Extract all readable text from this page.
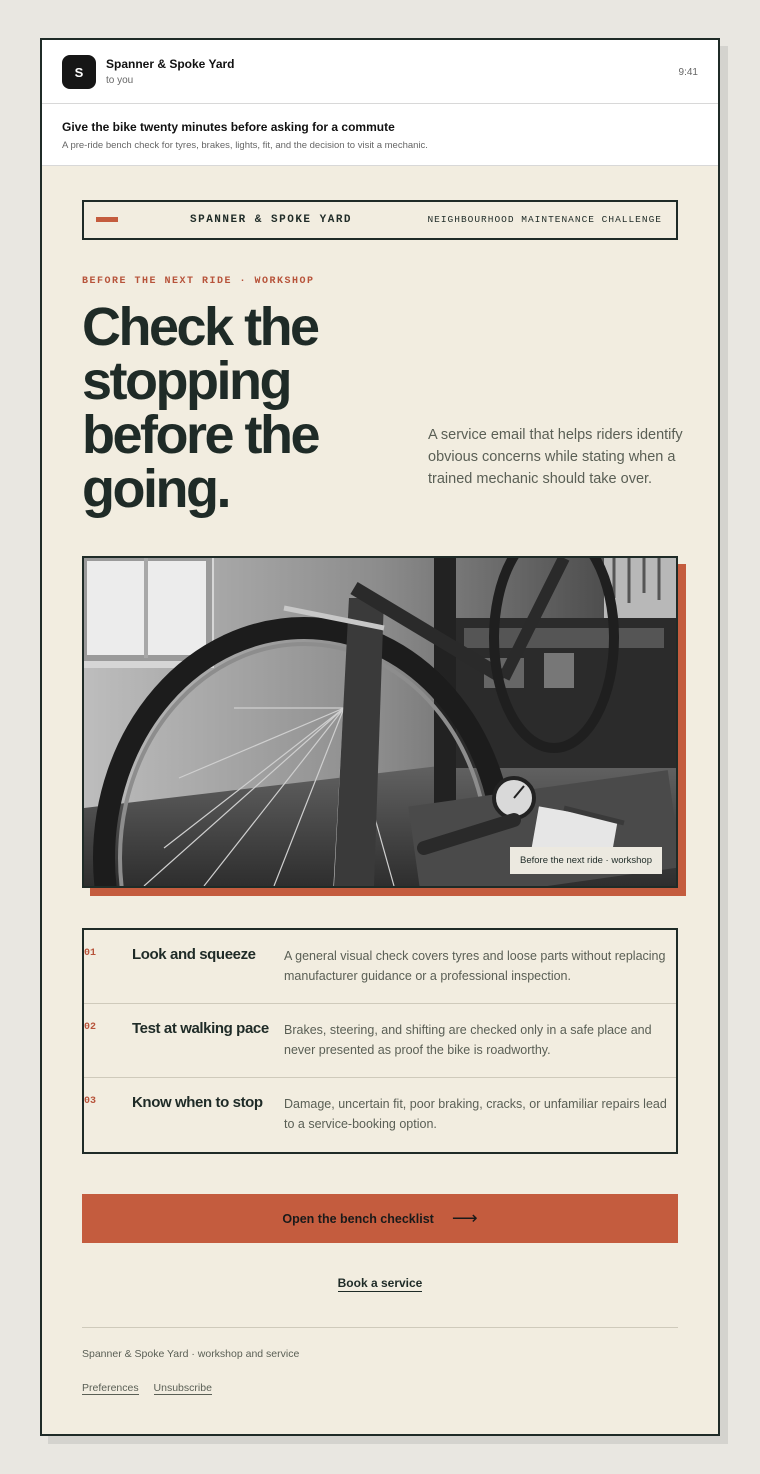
S
Spanner & Spoke Yard
to you
9:41
Give the bike twenty minutes before asking for a commute
A pre-ride bench check for tyres, brakes, lights, fit, and the decision to visit a mechanic.
SPANNER & SPOKE YARD	NEIGHBOURHOOD MAINTENANCE CHALLENGE
BEFORE THE NEXT RIDE · WORKSHOP
Check the stopping before the going.
A service email that helps riders identify obvious concerns while stating when a trained mechanic should take over.
Before the next ride · workshop
01 Look and squeeze A general visual check covers tyres and loose parts without replacing manufacturer guidance or a professional inspection.
02 Test at walking pace Brakes, steering, and shifting are checked only in a safe place and never presented as proof the bike is roadworthy.
03 Know when to stop Damage, uncertain fit, poor braking, cracks, or unfamiliar repairs lead to a service-booking option.
Open the bench checklist ⟶
Book a service
Spanner & Spoke Yard · workshop and service
Preferences Unsubscribe
